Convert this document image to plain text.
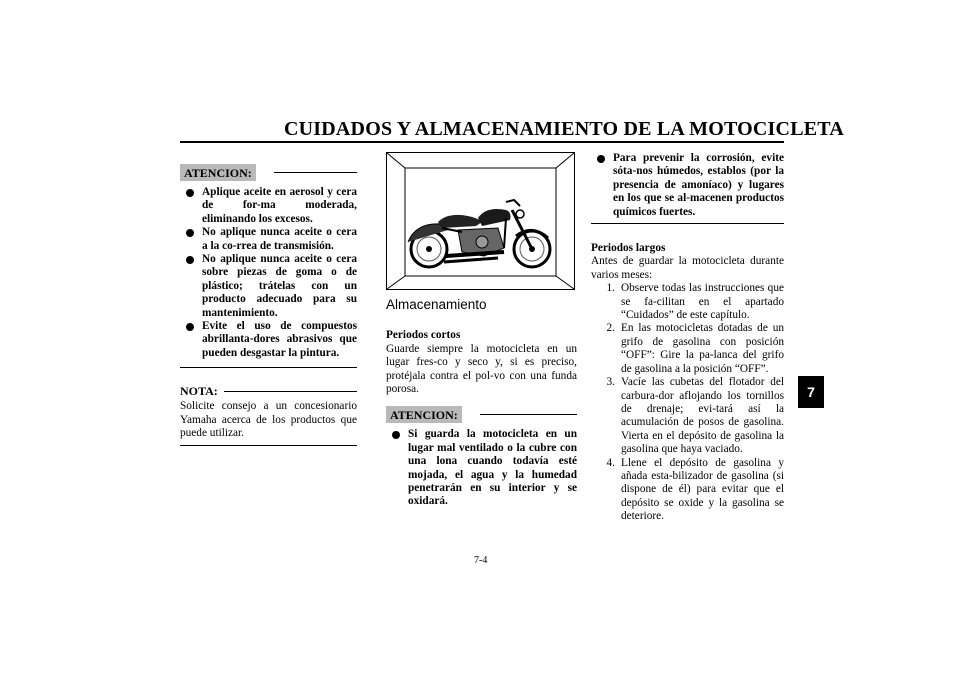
CUIDADOS Y ALMACENAMIENTO DE LA MOTOCICLETA
ATENCION:
Aplique aceite en aerosol y cera de for-ma moderada, eliminando los excesos.
No aplique nunca aceite o cera a la co-rrea de transmisión.
No aplique nunca aceite o cera sobre piezas de goma o de plástico; trátelas con un producto adecuado para su mantenimiento.
Evite el uso de compuestos abrillanta-dores abrasivos que pueden desgastar la pintura.
NOTA:

Solicite consejo a un concesionario Yamaha acerca de los productos que puede utilizar.

Almacenamiento

Periodos cortos

Guarde siempre la motocicleta en un lugar fres-co y seco y, si es preciso, protéjala contra el pol-vo con una funda porosa.

ATENCION:
Si guarda la motocicleta en un lugar mal ventilado o la cubre con una lona cuando todavía esté mojada, el agua y la humedad penetrarán en su interior y se oxidará.
Para prevenir la corrosión, evite sóta-nos húmedos, establos (por la presencia de amoníaco) y lugares en los que se al-macenen productos químicos fuertes.

Periodos largos

Antes de guardar la motocicleta durante varios meses:

1. Observe todas las instrucciones que se fa-cilitan en el apartado “Cuidados” de este capítulo.
2. En las motocicletas dotadas de un grifo de gasolina con posición “OFF”: Gire la pa-lanca del grifo de gasolina a la posición “OFF”.
3. Vacíe las cubetas del flotador del carbura-dor aflojando los tornillos de drenaje; evi-tará así la acumulación de posos de gasolina. Vierta en el depósito de gasolina la gasolina que haya vaciado.
4. Llene el depósito de gasolina y añada esta-bilizador de gasolina (si dispone de él) para evitar que el depósito se oxide y la gasolina se deteriore.
7-4
7
